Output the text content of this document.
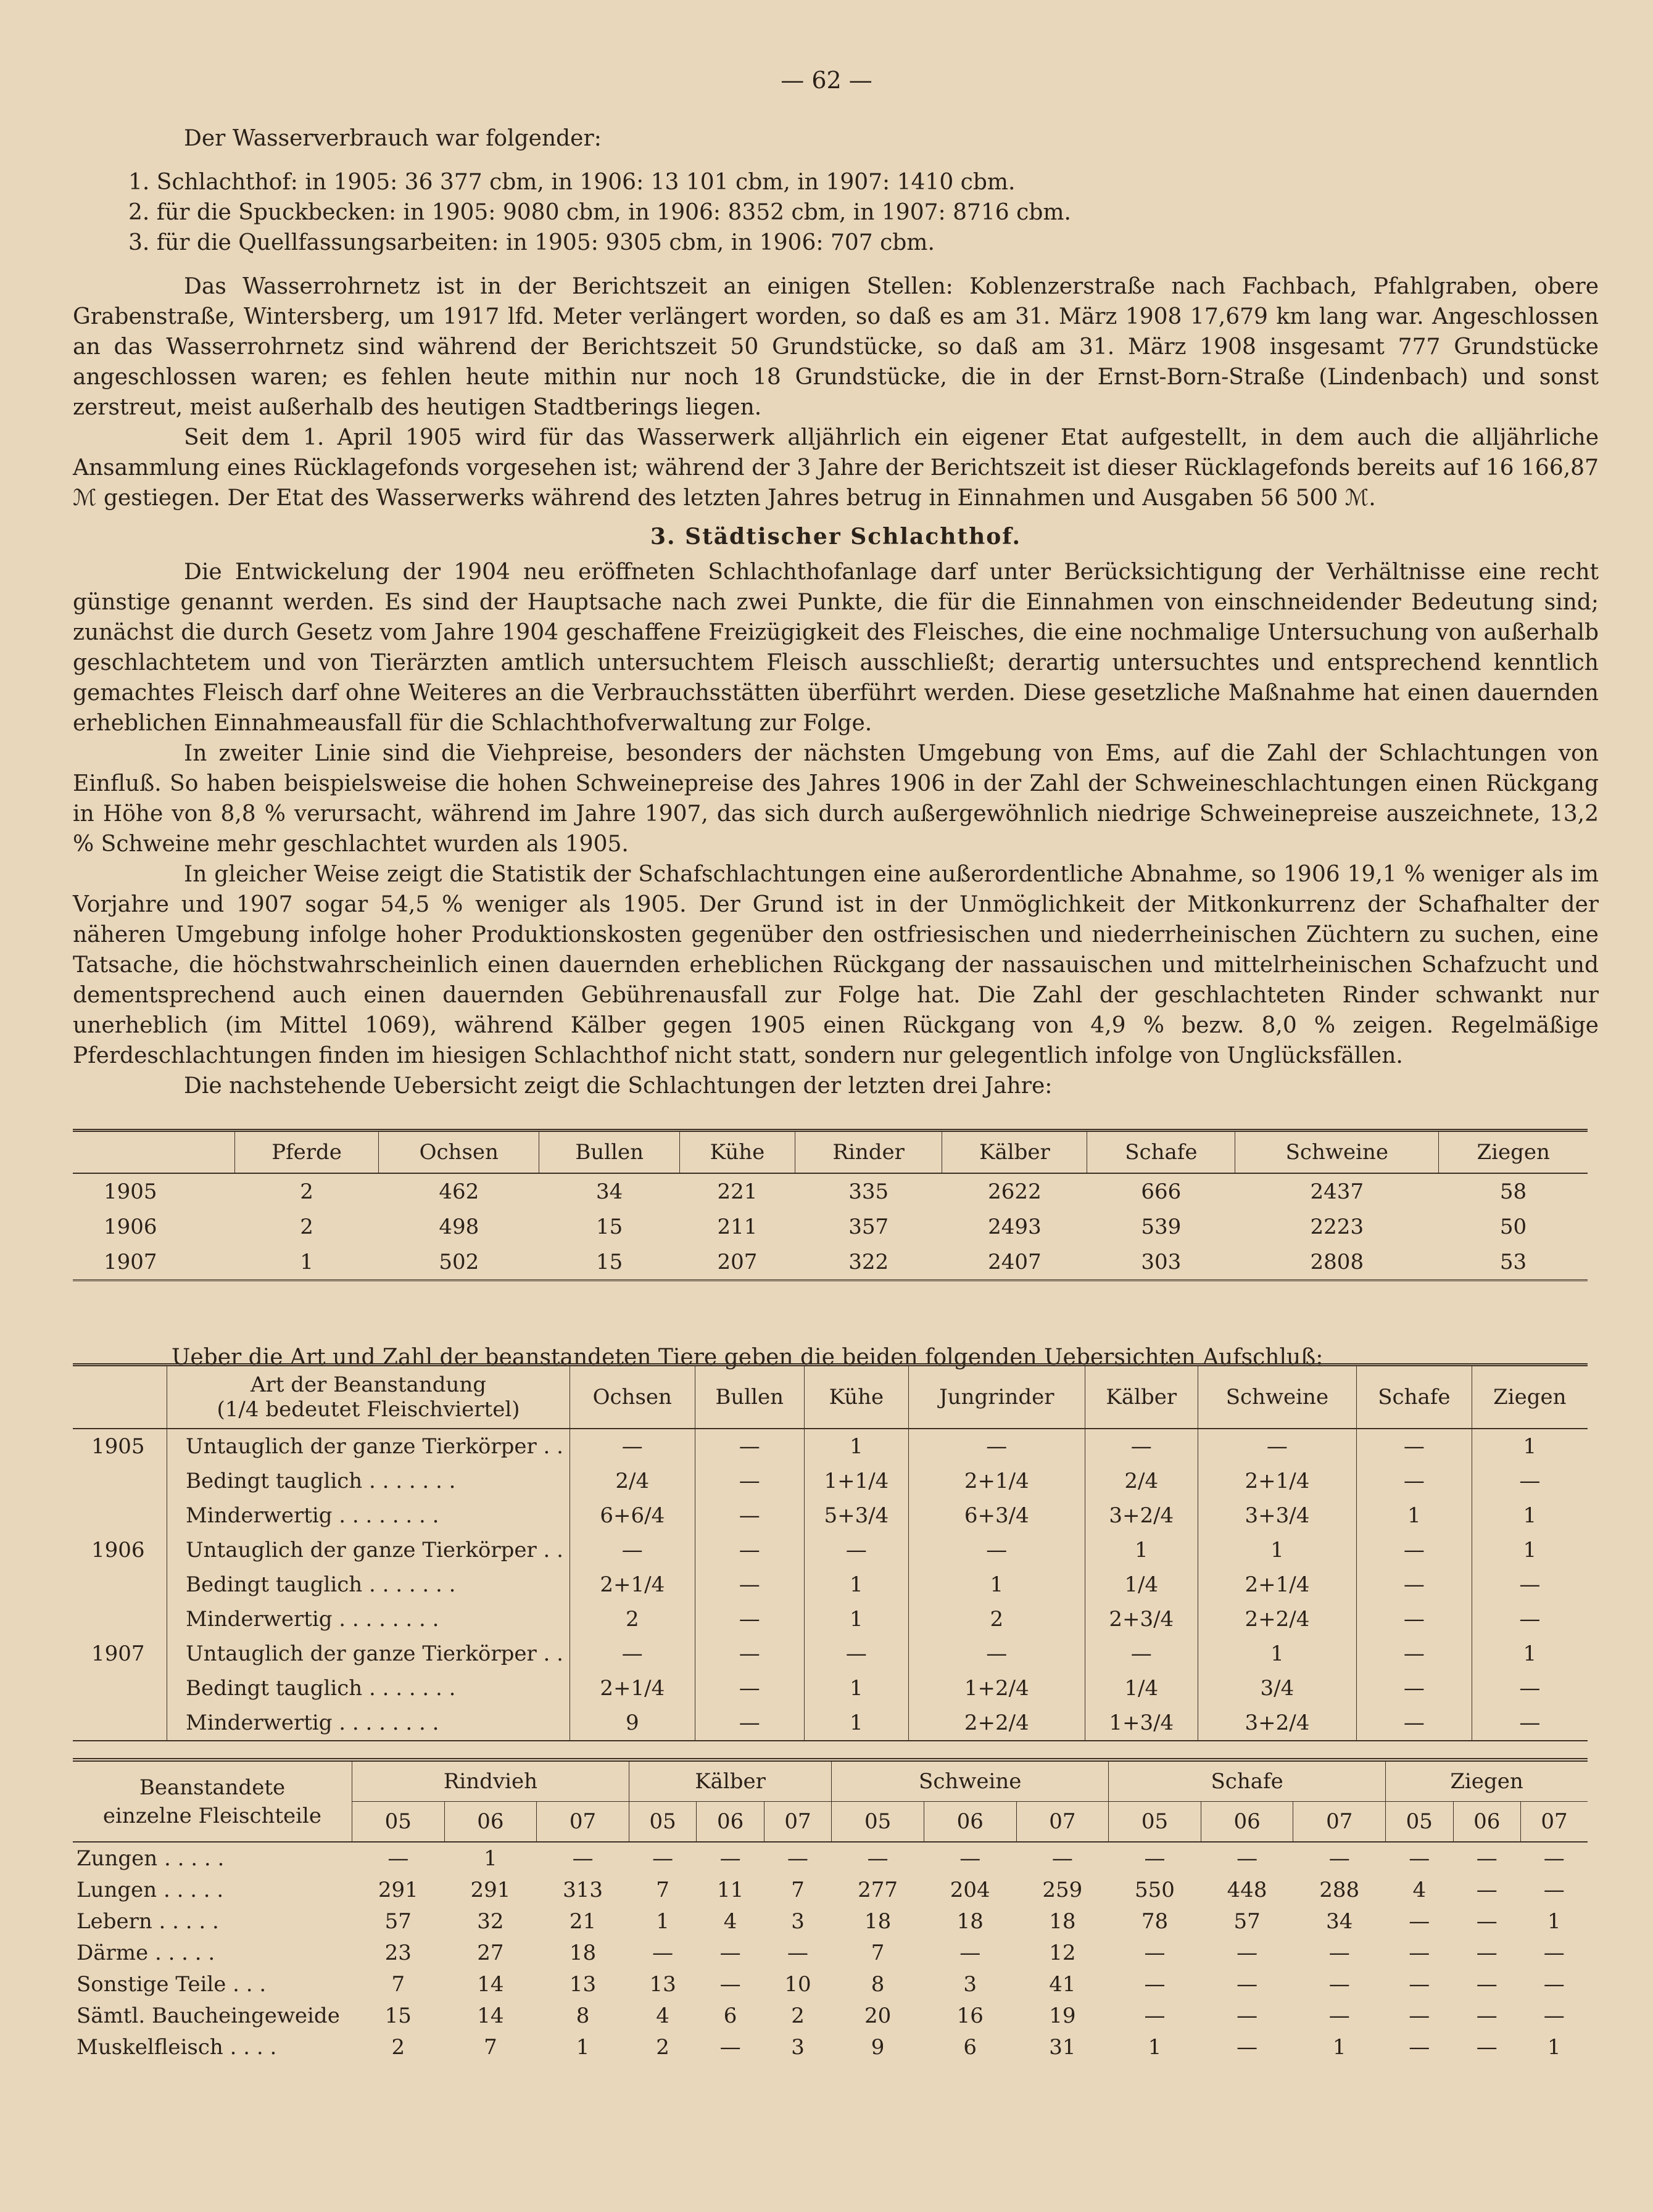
— 62 —

Der Wasserverbrauch war folgender:

1. Schlachthof: in 1905: 36 377 cbm, in 1906: 13 101 cbm, in 1907: 1410 cbm.
2. für die Spuckbecken: in 1905: 9080 cbm, in 1906: 8352 cbm, in 1907: 8716 cbm.
3. für die Quellfassungsarbeiten: in 1905: 9305 cbm, in 1906: 707 cbm.

Das Wasserrohrnetz ist in der Berichtszeit an einigen Stellen: Koblenzerstraße nach Fachbach, Pfahlgraben, obere Grabenstraße, Wintersberg, um 1917 lfd. Meter verlängert worden, so daß es am 31. März 1908 17,679 km lang war. Angeschlossen an das Wasserrohrnetz sind während der Berichtszeit 50 Grundstücke, so daß am 31. März 1908 insgesamt 777 Grundstücke angeschlossen waren; es fehlen heute mithin nur noch 18 Grundstücke, die in der Ernst-Born-Straße (Lindenbach) und sonst zerstreut, meist außerhalb des heutigen Stadtberings liegen.

Seit dem 1. April 1905 wird für das Wasserwerk alljährlich ein eigener Etat aufgestellt, in dem auch die alljährliche Ansammlung eines Rücklagefonds vorgesehen ist; während der 3 Jahre der Berichtszeit ist dieser Rücklagefonds bereits auf 16 166,87 ℳ gestiegen. Der Etat des Wasserwerks während des letzten Jahres betrug in Einnahmen und Ausgaben 56 500 ℳ.

3. Städtischer Schlachthof.

Die Entwickelung der 1904 neu eröffneten Schlachthofanlage darf unter Berücksichtigung der Verhältnisse eine recht günstige genannt werden. Es sind der Hauptsache nach zwei Punkte, die für die Einnahmen von einschneidender Bedeutung sind; zunächst die durch Gesetz vom Jahre 1904 geschaffene Freizügigkeit des Fleisches, die eine nochmalige Untersuchung von außerhalb geschlachtetem und von Tierärzten amtlich untersuchtem Fleisch ausschließt; derartig untersuchtes und entsprechend kenntlich gemachtes Fleisch darf ohne Weiteres an die Verbrauchsstätten überführt werden. Diese gesetzliche Maßnahme hat einen dauernden erheblichen Einnahmeausfall für die Schlachthofverwaltung zur Folge.

In zweiter Linie sind die Viehpreise, besonders der nächsten Umgebung von Ems, auf die Zahl der Schlachtungen von Einfluß. So haben beispielsweise die hohen Schweinepreise des Jahres 1906 in der Zahl der Schweineschlachtungen einen Rückgang in Höhe von 8,8 % verursacht, während im Jahre 1907, das sich durch außergewöhnlich niedrige Schweinepreise auszeichnete, 13,2 % Schweine mehr geschlachtet wurden als 1905.

In gleicher Weise zeigt die Statistik der Schafschlachtungen eine außerordentliche Abnahme, so 1906 19,1 % weniger als im Vorjahre und 1907 sogar 54,5 % weniger als 1905. Der Grund ist in der Unmöglichkeit der Mitkonkurrenz der Schafhalter der näheren Umgebung infolge hoher Produktionskosten gegenüber den ostfriesischen und niederrheinischen Züchtern zu suchen, eine Tatsache, die höchstwahrscheinlich einen dauernden erheblichen Rückgang der nassauischen und mittelrheinischen Schafzucht und dementsprechend auch einen dauernden Gebührenausfall zur Folge hat. Die Zahl der geschlachteten Rinder schwankt nur unerheblich (im Mittel 1069), während Kälber gegen 1905 einen Rückgang von 4,9 % bezw. 8,0 % zeigen. Regelmäßige Pferdeschlachtungen finden im hiesigen Schlachthof nicht statt, sondern nur gelegentlich infolge von Unglücksfällen.

Die nachstehende Uebersicht zeigt die Schlachtungen der letzten drei Jahre:

	Pferde	Ochsen	Bullen	Kühe	Rinder	Kälber	Schafe	Schweine	Ziegen
1905	2	462	34	221	335	2622	666	2437	58
1906	2	498	15	211	357	2493	539	2223	50
1907	1	502	15	207	322	2407	303	2808	53

Ueber die Art und Zahl der beanstandeten Tiere geben die beiden folgenden Uebersichten Aufschluß:

	Art der Beanstandung
(1/4 bedeutet Fleischviertel)	Ochsen	Bullen	Kühe	Jungrinder	Kälber	Schweine	Schafe	Ziegen
1905	Untauglich der ganze Tierkörper . .	—	—	1	—	—	—	—	1
	Bedingt tauglich . . . . . . .	2/4	—	1+1/4	2+1/4	2/4	2+1/4	—	—
	Minderwertig . . . . . . . .	6+6/4	—	5+3/4	6+3/4	3+2/4	3+3/4	1	1
1906	Untauglich der ganze Tierkörper . .	—	—	—	—	1	1	—	1
	Bedingt tauglich . . . . . . .	2+1/4	—	1	1	1/4	2+1/4	—	—
	Minderwertig . . . . . . . .	2	—	1	2	2+3/4	2+2/4	—	—
1907	Untauglich der ganze Tierkörper . .	—	—	—	—	—	1	—	1
	Bedingt tauglich . . . . . . .	2+1/4	—	1	1+2/4	1/4	3/4	—	—
	Minderwertig . . . . . . . .	9	—	1	2+2/4	1+3/4	3+2/4	—	—
Beanstandete
einzelne Fleischteile	Rindvieh			Kälber			Schweine			Schafe			Ziegen		
	05	06	07	05	06	07	05	06	07	05	06	07	05	06	07
Zungen . . . . .	—	1	—	—	—	—	—	—	—	—	—	—	—	—	—
Lungen . . . . .	291	291	313	7	11	7	277	204	259	550	448	288	4	—	—
Lebern . . . . .	57	32	21	1	4	3	18	18	18	78	57	34	—	—	1
Därme . . . . .	23	27	18	—	—	—	7	—	12	—	—	—	—	—	—
Sonstige Teile . . .	7	14	13	13	—	10	8	3	41	—	—	—	—	—	—
Sämtl. Baucheingeweide	15	14	8	4	6	2	20	16	19	—	—	—	—	—	—
Muskelfleisch . . . .	2	7	1	2	—	3	9	6	31	1	—	1	—	—	1
